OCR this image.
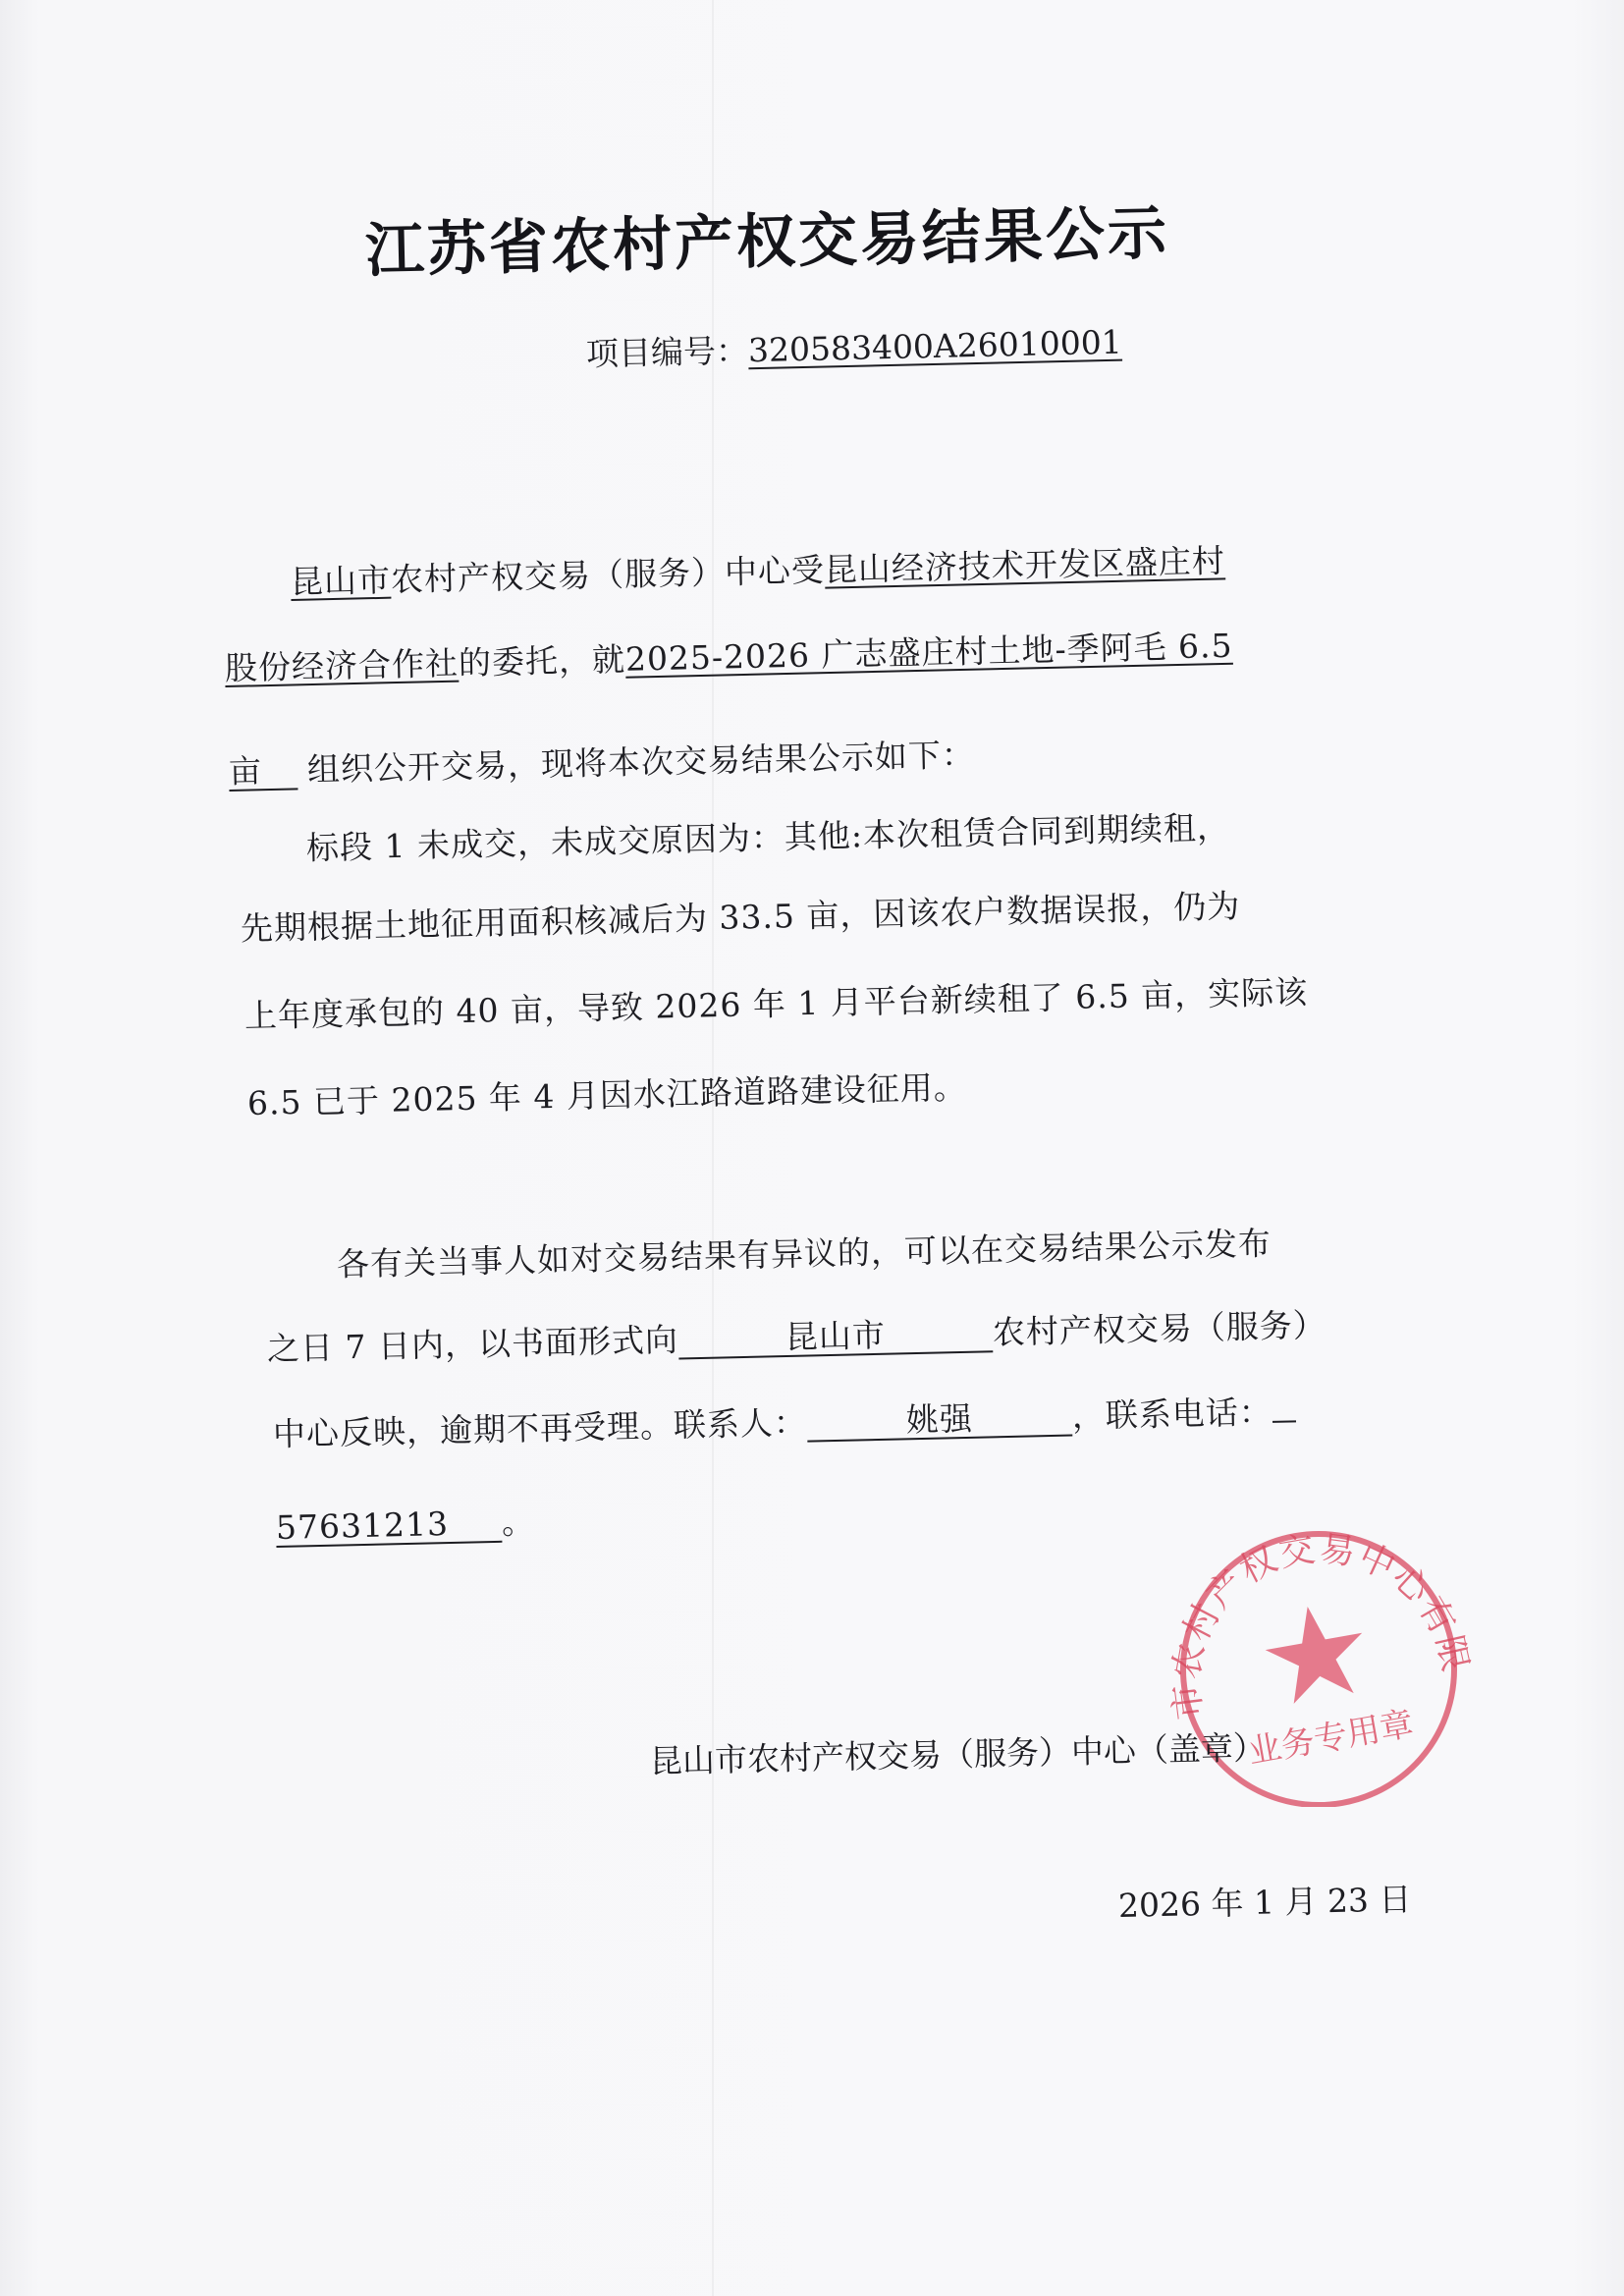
江苏省农村产权交易结果公示
项目编号：320583400A26010001
昆山市农村产权交易（服务）中心受昆山经济技术开发区盛庄村
股份经济合作社的委托，就2025-2026 广志盛庄村土地-季阿毛 6.5
亩 组织公开交易，现将本次交易结果公示如下：
标段 1 未成交，未成交原因为：其他:本次租赁合同到期续租，
先期根据土地征用面积核减后为 33.5 亩，因该农户数据误报，仍为
上年度承包的 40 亩，导致 2026 年 1 月平台新续租了 6.5 亩，实际该
6.5 已于 2025 年 4 月因水江路道路建设征用。
各有关当事人如对交易结果有异议的，可以在交易结果公示发布
之日 7 日内，以书面形式向	昆山市	农村产权交易（服务）
中心反映，逾期不再受理。联系人：	姚强	，联系电话：
57631213 。	昆山市农村产权交易中心有限公司
业务专用章
昆山市农村产权交易（服务）中心（盖章）
2026 年 1 月 23 日
